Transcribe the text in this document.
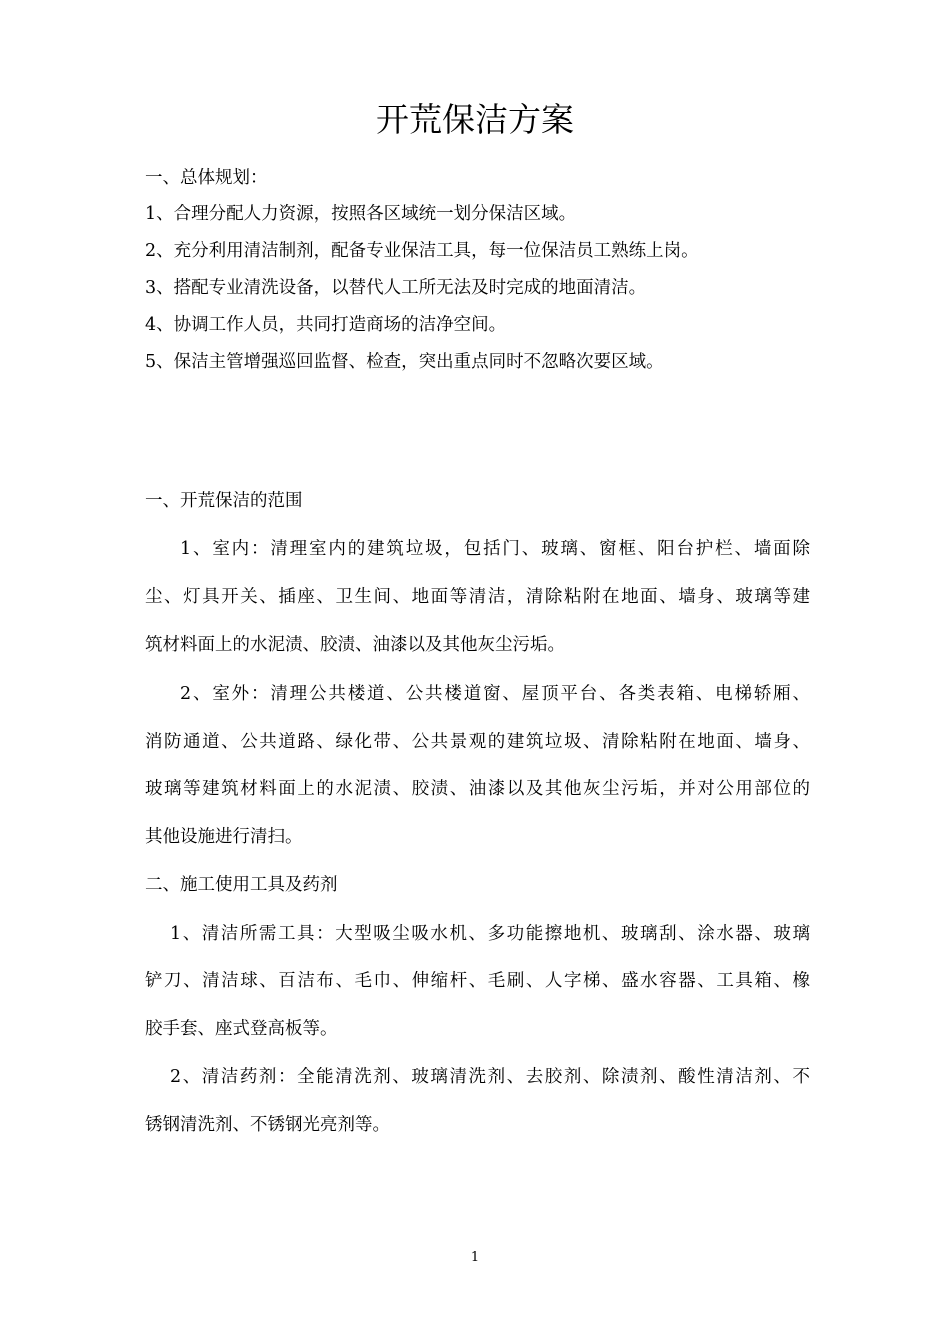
开荒保洁方案
一、总体规划：
1、合理分配人力资源，按照各区域统一划分保洁区域。
2、充分利用清洁制剂，配备专业保洁工具，每一位保洁员工熟练上岗。
3、搭配专业清洗设备，以替代人工所无法及时完成的地面清洁。
4、协调工作人员，共同打造商场的洁净空间。
5、保洁主管增强巡回监督、检查，突出重点同时不忽略次要区域。
一、开荒保洁的范围
1、室内：清理室内的建筑垃圾，包括门、玻璃、窗框、阳台护栏、墙面除
尘、灯具开关、插座、卫生间、地面等清洁，清除粘附在地面、墙身、玻璃等建
筑材料面上的水泥渍、胶渍、油漆以及其他灰尘污垢。
2、室外：清理公共楼道、公共楼道窗、屋顶平台、各类表箱、电梯轿厢、
消防通道、公共道路、绿化带、公共景观的建筑垃圾、清除粘附在地面、墙身、
玻璃等建筑材料面上的水泥渍、胶渍、油漆以及其他灰尘污垢，并对公用部位的
其他设施进行清扫。
二、施工使用工具及药剂
1、清洁所需工具：大型吸尘吸水机、多功能擦地机、玻璃刮、涂水器、玻璃
铲刀、清洁球、百洁布、毛巾、伸缩杆、毛刷、人字梯、盛水容器、工具箱、橡
胶手套、座式登高板等。
2、清洁药剂：全能清洗剂、玻璃清洗剂、去胶剂、除渍剂、酸性清洁剂、不
锈钢清洗剂、不锈钢光亮剂等。
1
